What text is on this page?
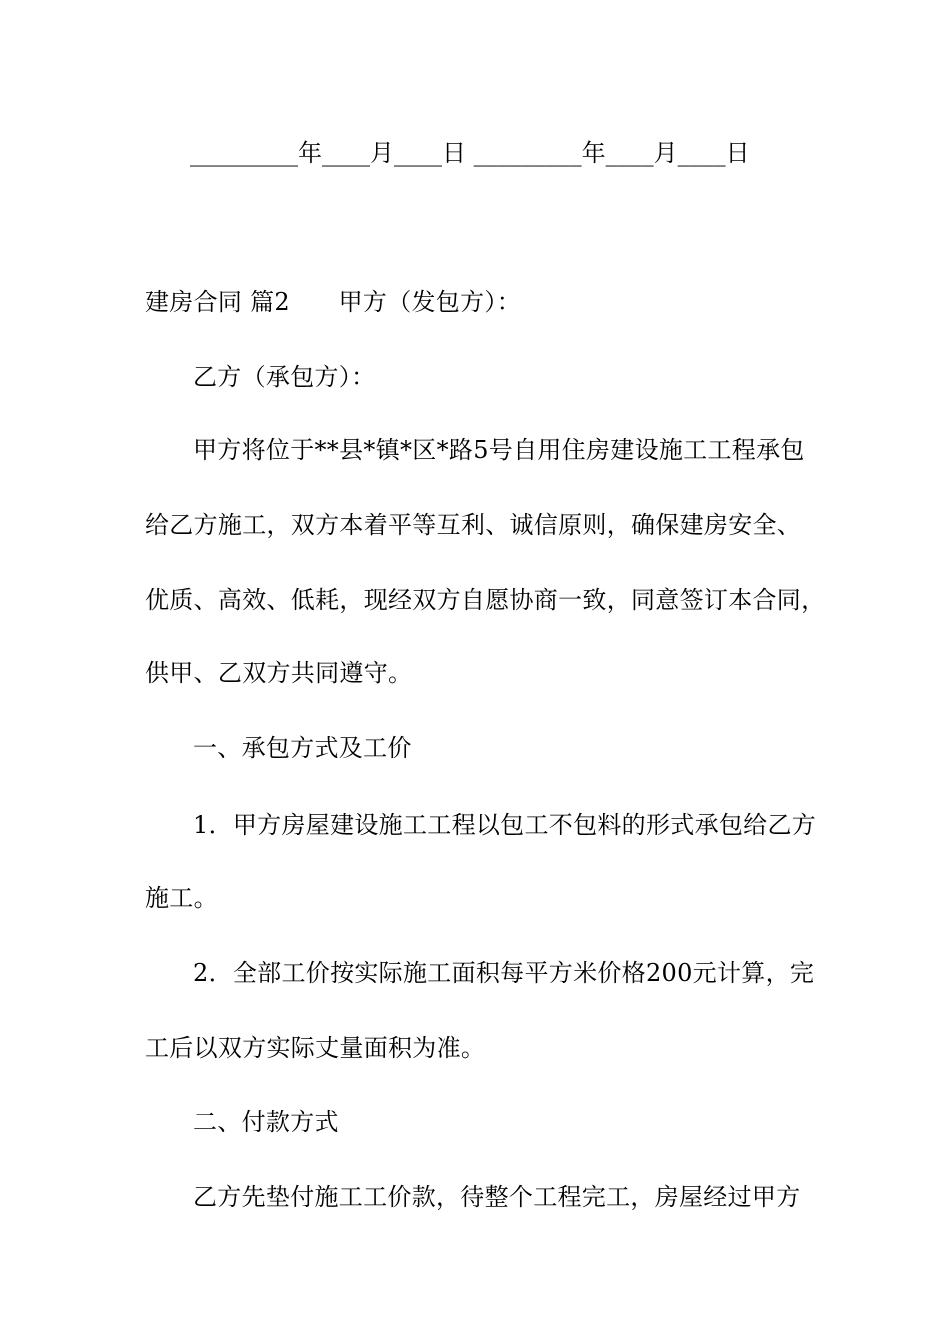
_________年____月____日 _________年____月____日
建房合同 篇2　　甲方（发包方）：
乙方（承包方）：
甲方将位于**县*镇*区*路5号自用住房建设施工工程承包
给乙方施工，双方本着平等互利、诚信原则，确保建房安全、
优质、高效、低耗，现经双方自愿协商一致，同意签订本合同，
供甲、乙双方共同遵守。
一、承包方式及工价
1．甲方房屋建设施工工程以包工不包料的形式承包给乙方
施工。
2．全部工价按实际施工面积每平方米价格200元计算，完
工后以双方实际丈量面积为准。
二、付款方式
乙方先垫付施工工价款，待整个工程完工，房屋经过甲方
